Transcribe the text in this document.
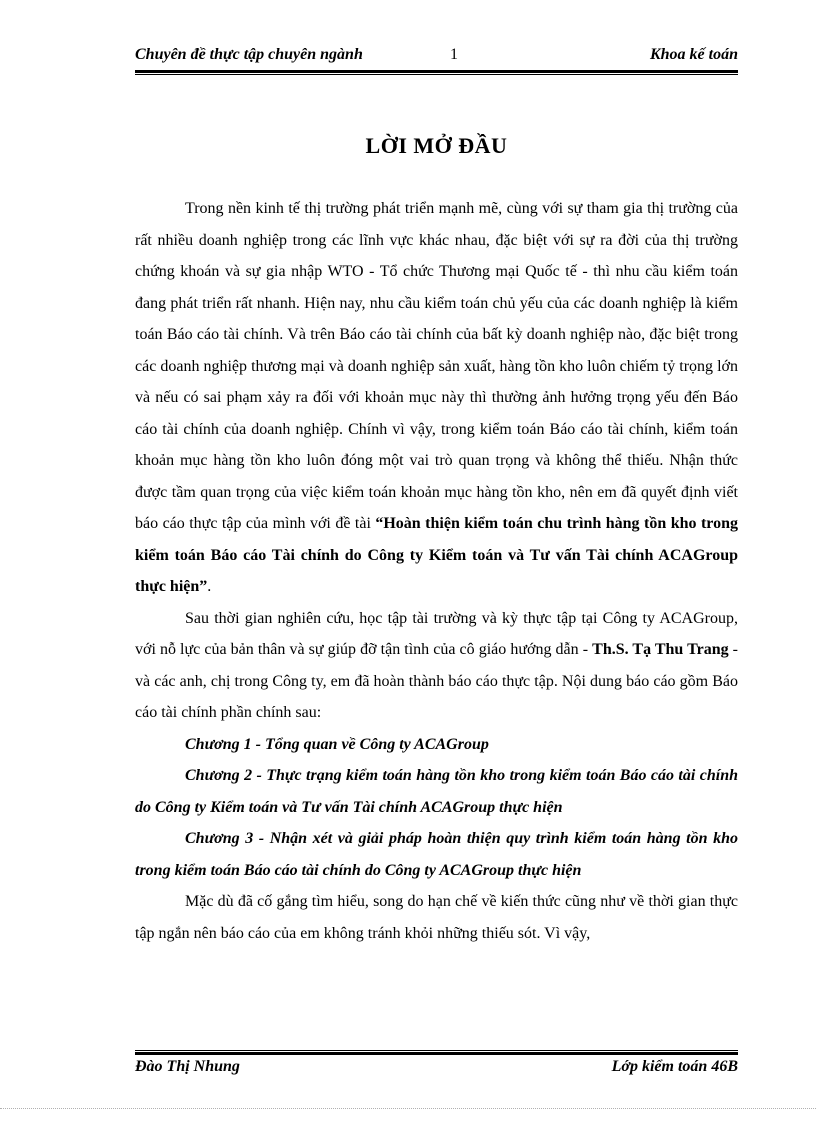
Chuyên đề thực tập chuyên ngành	1	Khoa kế toán
LỜI MỞ ĐẦU

Trong nền kinh tế thị trường phát triển mạnh mẽ, cùng với sự tham gia thị trường của rất nhiều doanh nghiệp trong các lĩnh vực khác nhau, đặc biệt với sự ra đời của thị trường chứng khoán và sự gia nhập WTO - Tổ chức Thương mại Quốc tế - thì nhu cầu kiểm toán đang phát triển rất nhanh. Hiện nay, nhu cầu kiểm toán chủ yếu của các doanh nghiệp là kiểm toán Báo cáo tài chính. Và trên Báo cáo tài chính của bất kỳ doanh nghiệp nào, đặc biệt trong các doanh nghiệp thương mại và doanh nghiệp sản xuất, hàng tồn kho luôn chiếm tỷ trọng lớn và nếu có sai phạm xảy ra đối với khoản mục này thì thường ảnh hưởng trọng yếu đến Báo cáo tài chính của doanh nghiệp. Chính vì vậy, trong kiểm toán Báo cáo tài chính, kiểm toán khoản mục hàng tồn kho luôn đóng một vai trò quan trọng và không thể thiếu. Nhận thức được tầm quan trọng của việc kiểm toán khoản mục hàng tồn kho, nên em đã quyết định viết báo cáo thực tập của mình với đề tài “Hoàn thiện kiểm toán chu trình hàng tồn kho trong kiểm toán Báo cáo Tài chính do Công ty Kiểm toán và Tư vấn Tài chính ACAGroup thực hiện”.

Sau thời gian nghiên cứu, học tập tài trường và kỳ thực tập tại Công ty ACAGroup, với nỗ lực của bản thân và sự giúp đỡ tận tình của cô giáo hướng dẫn - Th.S. Tạ Thu Trang - và các anh, chị trong Công ty, em đã hoàn thành báo cáo thực tập. Nội dung báo cáo gồm Báo cáo tài chính phần chính sau:

Chương 1 - Tổng quan về Công ty ACAGroup

Chương 2 - Thực trạng kiểm toán hàng tồn kho trong kiểm toán Báo cáo tài chính do Công ty Kiểm toán và Tư vấn Tài chính ACAGroup thực hiện

Chương 3 - Nhận xét và giải pháp hoàn thiện quy trình kiểm toán hàng tồn kho trong kiểm toán Báo cáo tài chính do Công ty ACAGroup thực hiện

Mặc dù đã cố gắng tìm hiểu, song do hạn chế về kiến thức cũng như về thời gian thực tập ngắn nên báo cáo của em không tránh khỏi những thiếu sót. Vì vậy,

Đào Thị Nhung	Lớp kiểm toán 46B
